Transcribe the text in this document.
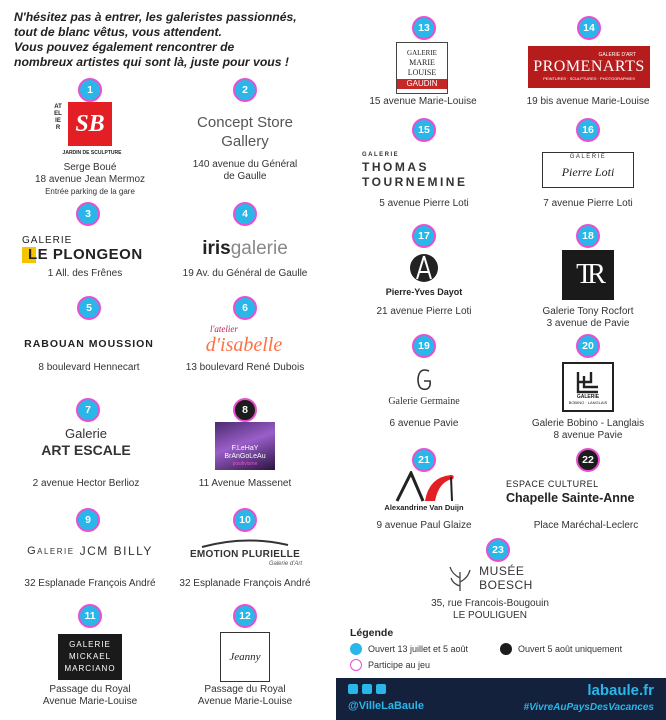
N'hésitez pas à entrer, les galeristes passionnés,
tout de blanc vêtus, vous attendent.
Vous pouvez également rencontrer de
nombreux artistes qui sont là, juste pour vous !
1
ATELIER SB
JARDIN DE SCULPTURE
Serge Boué
18 avenue Jean Mermoz
Entrée parking de la gare
2
Concept Store
Gallery
140 avenue du Général
de Gaulle
3
GALERIE
LE PLONGEON
1 All. des Frênes
4
iris galerie
19 Av. du Général de Gaulle
5
RABOUAN MOUSSION
8 boulevard Hennecart
6
l'atelier
d'isabelle
13 boulevard René Dubois
7
Galerie
ART ESCALE
2 avenue Hector Berlioz
8
F.LeHaY
BrAnGoLeAu
positivisme
11 Avenue Massenet
9
Galerie JCM BILLY
32 Esplanade François André
10
EMOTION PLURIELLE
Galerie d'Art
32 Esplanade François André
11
GALERIE
MICKAEL
MARCIANO
Passage du Royal
Avenue Marie-Louise
12
Jeanny
Passage du Royal
Avenue Marie-Louise
13
GALERIE
MARIE
LOUISE
GAUDIN
15 avenue Marie-Louise
14
GALERIE D'ART
PROMENARTS
PEINTURES · SCULPTURES · PHOTOGRAPHIES
19 bis avenue Marie-Louise
15
GALERIE
THOMAS
TOURNEMINE
5 avenue Pierre Loti
16
GALERIE
Pierre Loti
7 avenue Pierre Loti
17
Pierre-Yves Dayot
21 avenue Pierre Loti
18
TR
Galerie Tony Rocfort
3 avenue de Pavie
19
Galerie Germaine
6 avenue Pavie
20
GALERIE
BOBINO · LANGLAIS
Galerie Bobino - Langlais
8 avenue Pavie
21
Alexandrine Van Duijn
9 avenue Paul Glaize
22
ESPACE CULTUREL
Chapelle Sainte-Anne
Place Maréchal-Leclerc
23
MUSÉE
BOESCH
35, rue Francois-Bougouin
LE POULIGUEN
Légende
Ouvert 13 juillet et 5 août	Ouvert 5 août uniquement
Participe au jeu
@VilleLaBaule
labaule.fr
#VivreAuPaysDesVacances
